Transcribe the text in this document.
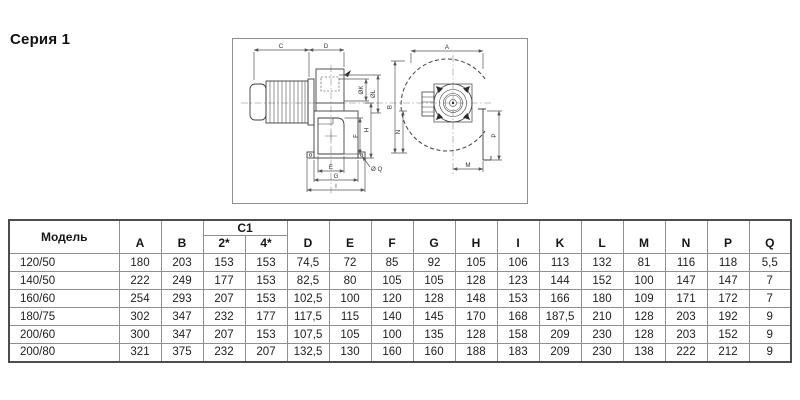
Серия 1	C	D	A
ØK ØL
F
H
B
N
P
E
G
I
M
Ø Q
Модель	A	B	C1		D	E	F	G	H	I	K	L	M	N	P	Q
			2*	4*												
120/50	180	203	153	153	74,5	72	85	92	105	106	113	132	81	116	118	5,5
140/50	222	249	177	153	82,5	80	105	105	128	123	144	152	100	147	147	7
160/60	254	293	207	153	102,5	100	120	128	148	153	166	180	109	171	172	7
180/75	302	347	232	177	117,5	115	140	145	170	168	187,5	210	128	203	192	9
200/60	300	347	207	153	107,5	105	100	135	128	158	209	230	128	203	152	9
200/80	321	375	232	207	132,5	130	160	160	188	183	209	230	138	222	212	9
